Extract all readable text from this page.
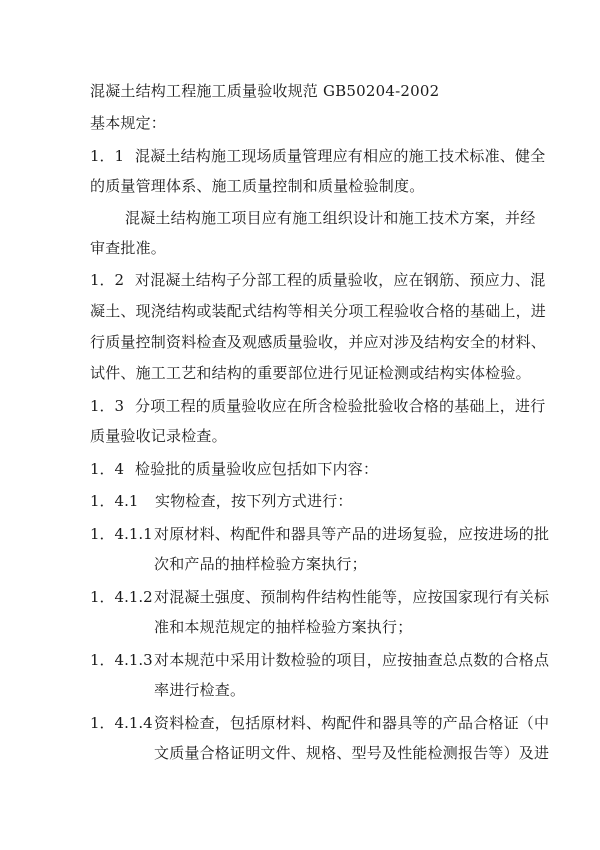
混凝土结构工程施工质量验收规范 GB50204-2002
基本规定：
1．1 混凝土结构施工现场质量管理应有相应的施工技术标准、健全
的质量管理体系、施工质量控制和质量检验制度。
混凝土结构施工项目应有施工组织设计和施工技术方案，并经
审查批准。
1．2 对混凝土结构子分部工程的质量验收，应在钢筋、预应力、混
凝土、现浇结构或装配式结构等相关分项工程验收合格的基础上，进
行质量控制资料检查及观感质量验收，并应对涉及结构安全的材料、
试件、施工工艺和结构的重要部位进行见证检测或结构实体检验。
1．3 分项工程的质量验收应在所含检验批验收合格的基础上，进行
质量验收记录检查。
1．4 检验批的质量验收应包括如下内容：
1．4.1 实物检查，按下列方式进行：
1．4.1.1 对原材料、构配件和器具等产品的进场复验，应按进场的批
次和产品的抽样检验方案执行；
1．4.1.2 对混凝土强度、预制构件结构性能等，应按国家现行有关标
准和本规范规定的抽样检验方案执行；
1．4.1.3 对本规范中采用计数检验的项目，应按抽查总点数的合格点
率进行检查。
1．4.1.4 资料检查，包括原材料、构配件和器具等的产品合格证（中
文质量合格证明文件、规格、型号及性能检测报告等）及进
